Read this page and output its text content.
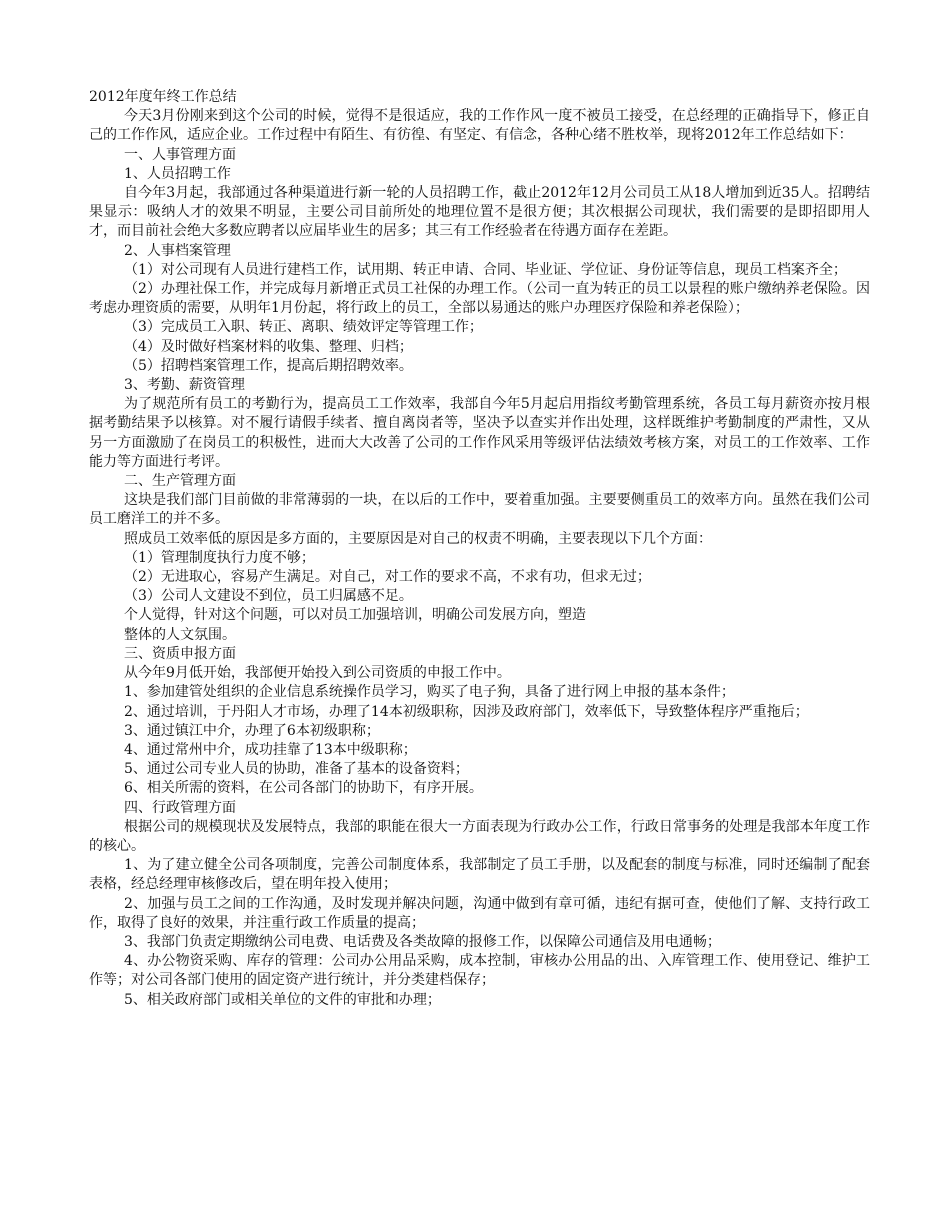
2012年度年终工作总结

今天3月份刚来到这个公司的时候，觉得不是很适应，我的工作作风一度不被员工接受，在总经理的正确指导下，修正自己的工作作风，适应企业。工作过程中有陌生、有彷徨、有坚定、有信念，各种心绪不胜枚举，现将2012年工作总结如下：

一、人事管理方面

1、人员招聘工作

自今年3月起，我部通过各种渠道进行新一轮的人员招聘工作，截止2012年12月公司员工从18人增加到近35人。招聘结果显示：吸纳人才的效果不明显，主要公司目前所处的地理位置不是很方便；其次根据公司现状，我们需要的是即招即用人才，而目前社会绝大多数应聘者以应届毕业生的居多；其三有工作经验者在待遇方面存在差距。

2、人事档案管理

（1）对公司现有人员进行建档工作，试用期、转正申请、合同、毕业证、学位证、身份证等信息，现员工档案齐全；

（2）办理社保工作，并完成每月新增正式员工社保的办理工作。（公司一直为转正的员工以景程的账户缴纳养老保险。因考虑办理资质的需要，从明年1月份起，将行政上的员工，全部以易通达的账户办理医疗保险和养老保险）；

（3）完成员工入职、转正、离职、绩效评定等管理工作；

（4）及时做好档案材料的收集、整理、归档；

（5）招聘档案管理工作，提高后期招聘效率。

3、考勤、薪资管理

为了规范所有员工的考勤行为，提高员工工作效率，我部自今年5月起启用指纹考勤管理系统，各员工每月薪资亦按月根据考勤结果予以核算。对不履行请假手续者、擅自离岗者等，坚决予以查实并作出处理，这样既维护考勤制度的严肃性，又从另一方面激励了在岗员工的积极性，进而大大改善了公司的工作作风采用等级评估法绩效考核方案，对员工的工作效率、工作能力等方面进行考评。

二、生产管理方面

这块是我们部门目前做的非常薄弱的一块，在以后的工作中，要着重加强。主要要侧重员工的效率方向。虽然在我们公司员工磨洋工的并不多。

照成员工效率低的原因是多方面的，主要原因是对自己的权责不明确，主要表现以下几个方面：

（1）管理制度执行力度不够；

（2）无进取心，容易产生满足。对自己，对工作的要求不高，不求有功，但求无过；

（3）公司人文建设不到位，员工归属感不足。

个人觉得，针对这个问题，可以对员工加强培训，明确公司发展方向，塑造

整体的人文氛围。

三、资质申报方面

从今年9月低开始，我部便开始投入到公司资质的申报工作中。

1、参加建管处组织的企业信息系统操作员学习，购买了电子狗，具备了进行网上申报的基本条件；

2、通过培训，于丹阳人才市场，办理了14本初级职称，因涉及政府部门，效率低下，导致整体程序严重拖后；

3、通过镇江中介，办理了6本初级职称；

4、通过常州中介，成功挂靠了13本中级职称；

5、通过公司专业人员的协助，准备了基本的设备资料；

6、相关所需的资料，在公司各部门的协助下，有序开展。

四、行政管理方面

根据公司的规模现状及发展特点，我部的职能在很大一方面表现为行政办公工作，行政日常事务的处理是我部本年度工作的核心。

1、为了建立健全公司各项制度，完善公司制度体系，我部制定了员工手册，以及配套的制度与标准，同时还编制了配套表格，经总经理审核修改后，望在明年投入使用；

2、加强与员工之间的工作沟通，及时发现并解决问题，沟通中做到有章可循，违纪有据可查，使他们了解、支持行政工作，取得了良好的效果，并注重行政工作质量的提高；

3、我部门负责定期缴纳公司电费、电话费及各类故障的报修工作，以保障公司通信及用电通畅；

4、办公物资采购、库存的管理：公司办公用品采购，成本控制，审核办公用品的出、入库管理工作、使用登记、维护工作等；对公司各部门使用的固定资产进行统计，并分类建档保存；

5、相关政府部门或相关单位的文件的审批和办理；
